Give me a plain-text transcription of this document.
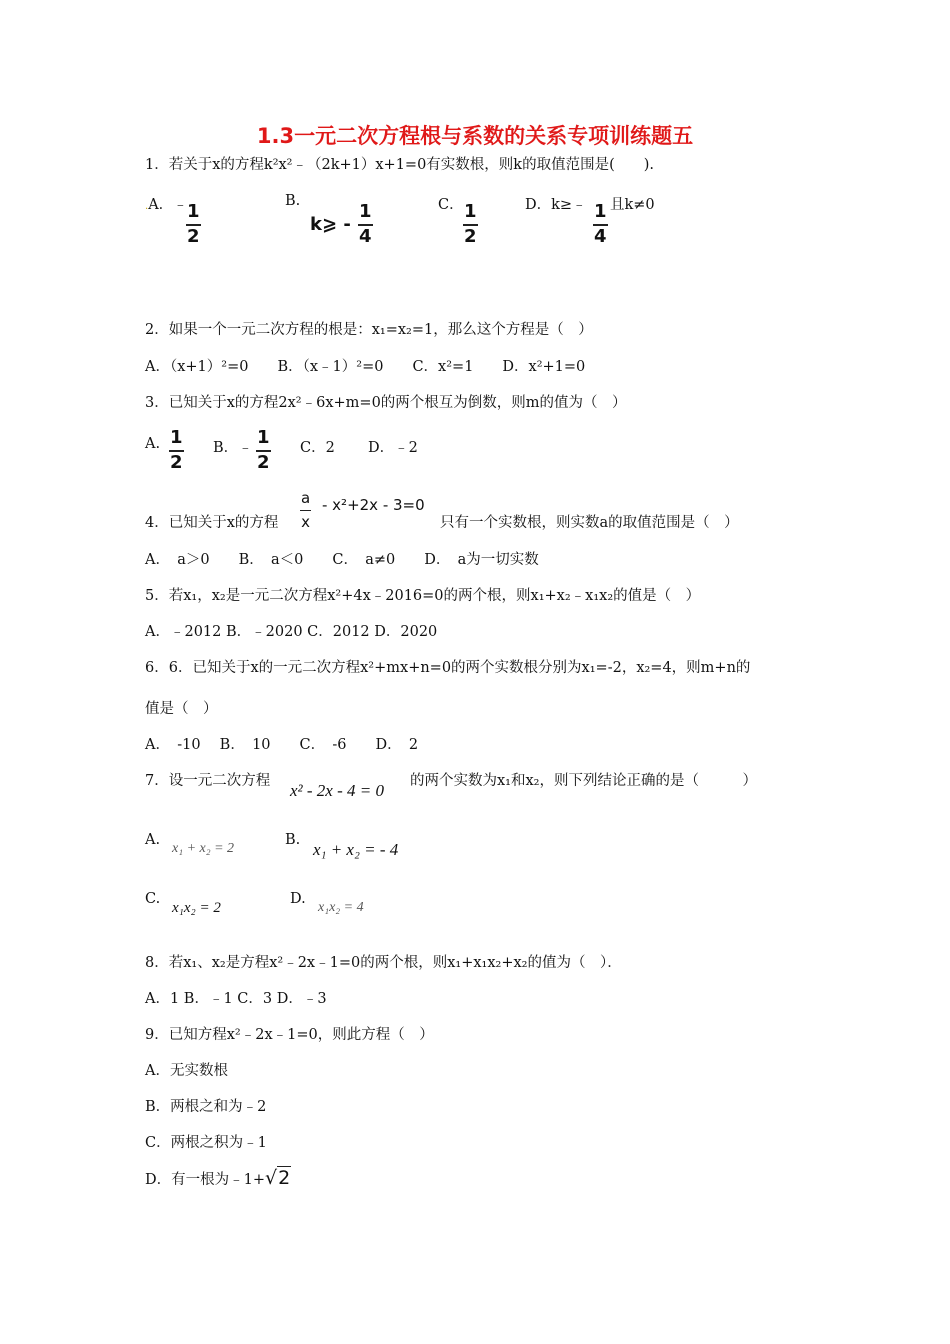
1.3一元二次方程根与系数的关系专项训练题五
1．若关于x的方程k²x²﹣（2k+1）x+1=0有实数根，则k的取值范围是(　　).
.A．﹣
$\frac{1}{2}$
B.
k⩾ - $\frac{1}{4}$	C． $\frac{1}{2}$	D．k≥﹣ $\frac{1}{4}$ 且k≠0
2．如果一个一元二次方程的根是：x₁=x₂=1，那么这个方程是（　）
A．（x+1）²=0　　B．（x﹣1）²=0　　C．x²=1　　D．x²+1=0
3．已知关于x的方程2x²﹣6x+m=0的两个根互为倒数，则m的值为（　）
A. $\frac{1}{2}$ B．﹣ $\frac{1}{2}$ C．2 D．﹣2
4．已知关于x的方程 $\frac{a}{x} - x^2+2x - 3=0$
只有一个实数根，则实数a的取值范围是（　）
A．　a＞0　　B．　a＜0　　C．　a≠0　　D．　a为一切实数
5．若x₁，x₂是一元二次方程x²+4x﹣2016=0的两个根，则x₁+x₂﹣x₁x₂的值是（　）
A．﹣2012 B．﹣2020 C．2012 D．2020
6．6．已知关于x的一元二次方程x²+mx+n=0的两个实数根分别为x₁=-2，x₂=4，则m+n的
值是（　）
A．　-10　 B．　10　　C．　-6　　D．　2
7．设一元二次方程 x² - 2x - 4 = 0 的两个实数为x₁和x₂，则下列结论正确的是（　　　）
A.
x₁ + x₂ = 2
B. x₁ + x₂ = - 4
C.
x₁x₂ = 2
D.
x₁x₂ = 4
8．若x₁、x₂是方程x²﹣2x﹣1=0的两个根，则x₁+x₁x₂+x₂的值为（　）．
A．1 B．﹣1 C．3 D．﹣3
9．已知方程x²﹣2x﹣1=0，则此方程（　）
A．无实数根
B．两根之和为﹣2
C．两根之积为﹣1
D．有一根为﹣1+√2
